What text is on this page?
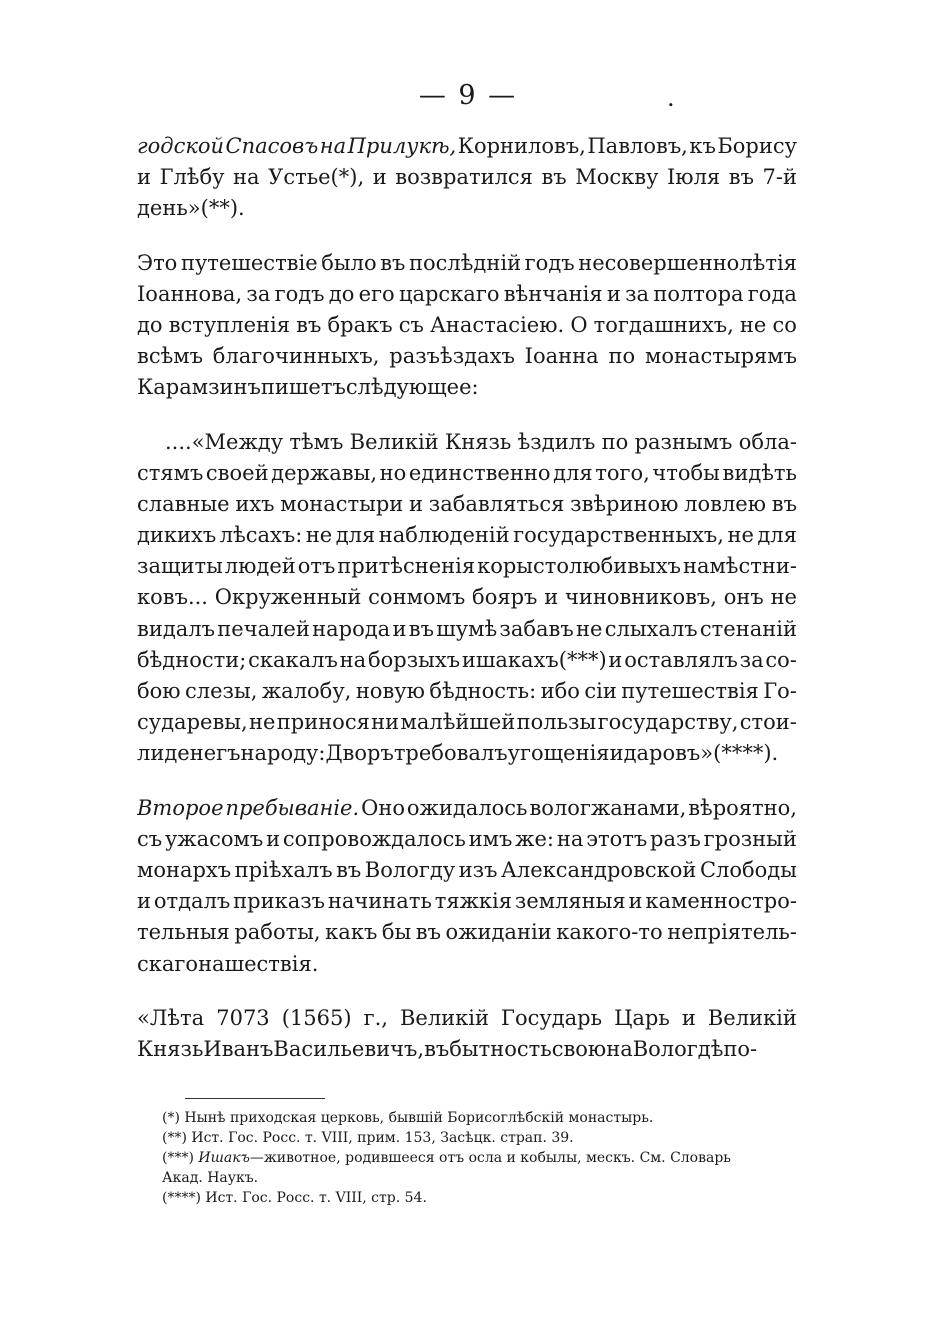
— 9 —	.
годской Спасовъ на Прилукѣ, Корниловъ, Павловъ, къ Борису
и Глѣбу на Устье(*), и возвратился въ Москву Іюля въ 7-й
день»(**).
Это путешествіе было въ послѣдній годъ несовершеннолѣтія
Іоаннова, за годъ до его царскаго вѣнчанія и за полтора года
до вступленія въ бракъ съ Анастасіею. О тогдашнихъ, не со
всѣмъ благочинныхъ, разъѣздахъ Іоанна по монастырямъ
Карамзинъ пишетъ слѣдующее:
....«Между тѣмъ Великій Князь ѣздилъ по разнымъ обла-
стямъ своей державы, но единственно для того, чтобы видѣть
славные ихъ монастыри и забавляться звѣриною ловлею въ
дикихъ лѣсахъ: не для наблюденій государственныхъ, не для
защиты людей отъ притѣсненія корыстолюбивыхъ намѣстни-
ковъ... Окруженный сонмомъ бояръ и чиновниковъ, онъ не
видалъ печалей народа и въ шумѣ забавъ не слыхалъ стенаній
бѣдности; скакалъ на борзыхъ ишакахъ(***) и оставлялъ за со-
бою слезы, жалобу, новую бѣдность: ибо сіи путешествія Го-
сударевы, не принося ни малѣйшей пользы государству, стои-
ли денегъ народу: Дворъ требовалъ угощенія и даровъ»(****).
Второе пребываніе. Оно ожидалось вологжанами, вѣроятно,
съ ужасомъ и сопровождалось имъ же: на этотъ разъ грозный
монархъ пріѣхалъ въ Вологду изъ Александровской Слободы
и отдалъ приказъ начинать тяжкія земляныя и каменностро-
тельныя работы, какъ бы въ ожиданіи какого-то непріятель-
скаго нашествія.
«Лѣта 7073 (1565) г., Великій Государь Царь и Великій
Князь Иванъ Васильевичъ, въ бытность свою на Вологдѣ по-
(*) Нынѣ приходская церковь, бывшій Борисоглѣбскій монастырь.
(**) Ист. Гос. Росс. т. VIII, прим. 153, Засѣцк. страп. 39.
(***) Ишакъ—животное, родившееся отъ осла и кобылы, мескъ. См. Словарь
Акад. Наукъ.
(****) Ист. Гос. Росс. т. VIII, стр. 54.
